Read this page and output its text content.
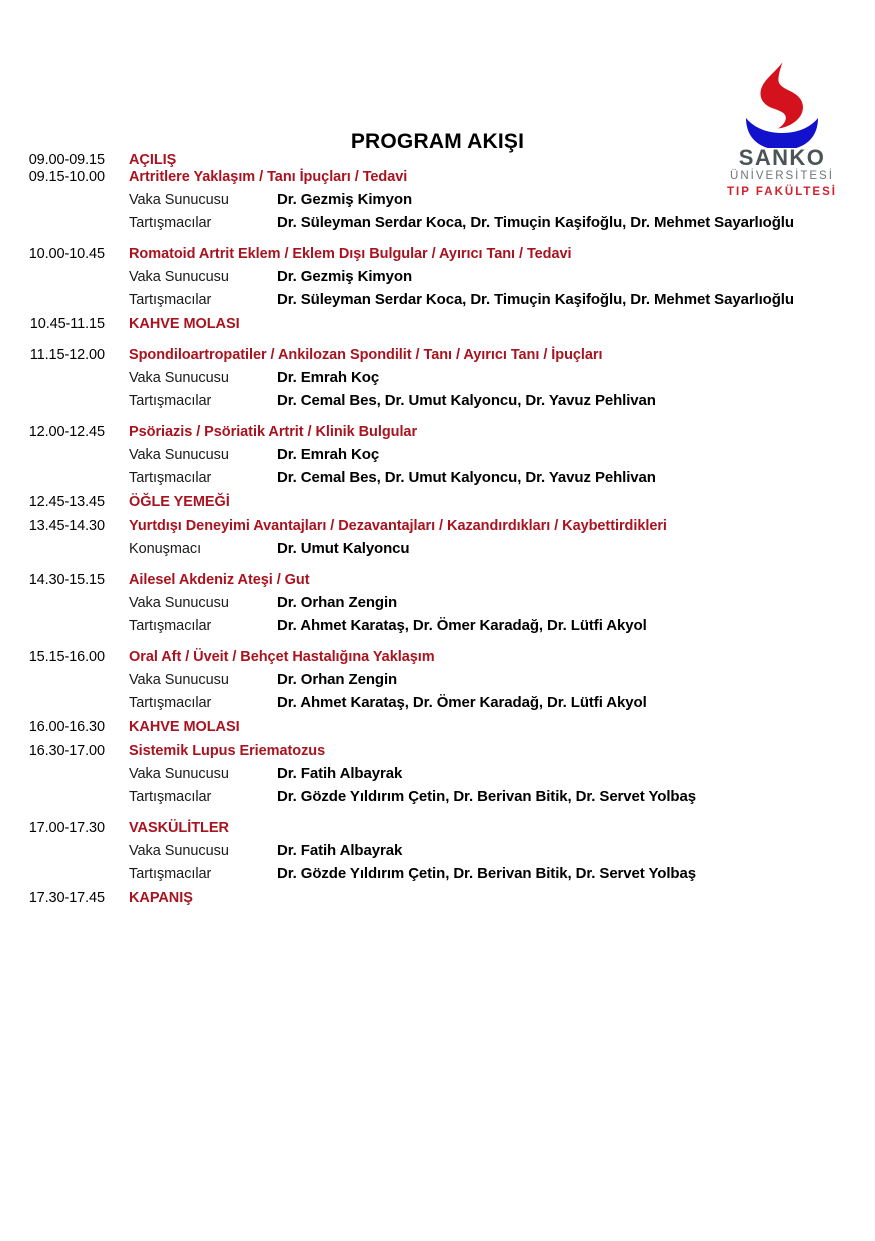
SANKO
ÜNİVERSİTESİ
TIP FAKÜLTESİ
PROGRAM AKIŞI
09.00-09.15	AÇILIŞ
09.15-10.00	Artritlere Yaklaşım / Tanı İpuçları / Tedavi
Vaka Sunucusu	Dr. Gezmiş Kimyon
Tartışmacılar	Dr. Süleyman Serdar Koca, Dr. Timuçin Kaşifoğlu, Dr. Mehmet Sayarlıoğlu
10.00-10.45	Romatoid Artrit Eklem / Eklem Dışı Bulgular / Ayırıcı Tanı / Tedavi
Vaka Sunucusu	Dr. Gezmiş Kimyon
Tartışmacılar	Dr. Süleyman Serdar Koca, Dr. Timuçin Kaşifoğlu, Dr. Mehmet Sayarlıoğlu
10.45-11.15	KAHVE MOLASI
11.15-12.00	Spondiloartropatiler / Ankilozan Spondilit / Tanı / Ayırıcı Tanı / İpuçları
Vaka Sunucusu	Dr. Emrah Koç
Tartışmacılar	Dr. Cemal Bes, Dr. Umut Kalyoncu, Dr. Yavuz Pehlivan
12.00-12.45	Psöriazis / Psöriatik Artrit / Klinik Bulgular
Vaka Sunucusu	Dr. Emrah Koç
Tartışmacılar	Dr. Cemal Bes, Dr. Umut Kalyoncu, Dr. Yavuz Pehlivan
12.45-13.45	ÖĞLE YEMEĞİ
13.45-14.30	Yurtdışı Deneyimi Avantajları / Dezavantajları / Kazandırdıkları / Kaybettirdikleri
Konuşmacı	Dr. Umut Kalyoncu
14.30-15.15	Ailesel Akdeniz Ateşi / Gut
Vaka Sunucusu	Dr. Orhan Zengin
Tartışmacılar	Dr. Ahmet Karataş, Dr. Ömer Karadağ, Dr. Lütfi Akyol
15.15-16.00	Oral Aft / Üveit / Behçet Hastalığına Yaklaşım
Vaka Sunucusu	Dr. Orhan Zengin
Tartışmacılar	Dr. Ahmet Karataş, Dr. Ömer Karadağ, Dr. Lütfi Akyol
16.00-16.30	KAHVE MOLASI
16.30-17.00	Sistemik Lupus Eriematozus
Vaka Sunucusu	Dr. Fatih Albayrak
Tartışmacılar	Dr. Gözde Yıldırım Çetin, Dr. Berivan Bitik, Dr. Servet Yolbaş
17.00-17.30	VASKÜLİTLER
Vaka Sunucusu	Dr. Fatih Albayrak
Tartışmacılar	Dr. Gözde Yıldırım Çetin, Dr. Berivan Bitik, Dr. Servet Yolbaş
17.30-17.45	KAPANIŞ
